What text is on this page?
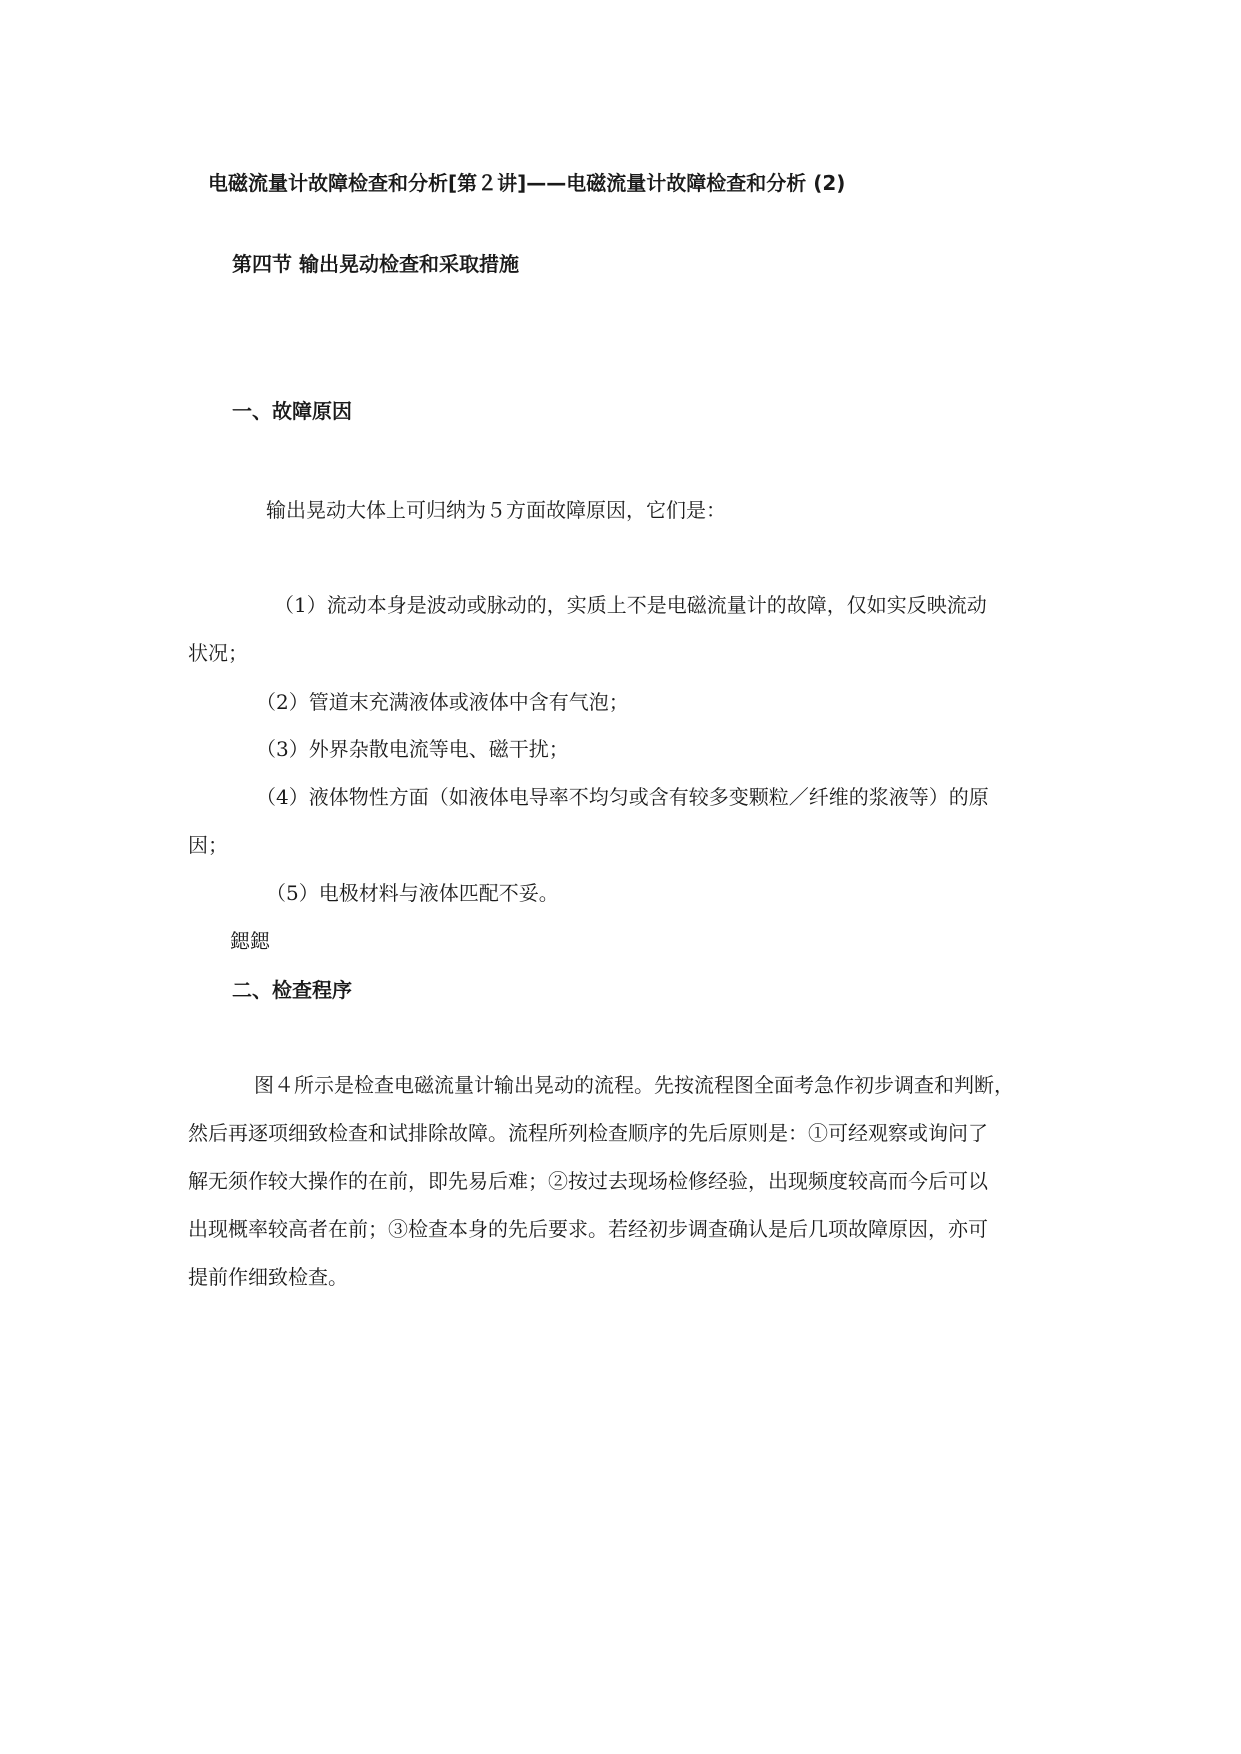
电磁流量计故障检查和分析[第２讲]——电磁流量计故障检查和分析 (2)
第四节 输出晃动检查和采取措施
一、故障原因
输出晃动大体上可归纳为５方面故障原因，它们是：
（1）流动本身是波动或脉动的，实质上不是电磁流量计的故障，仅如实反映流动
状况；
（2）管道末充满液体或液体中含有气泡；
（3）外界杂散电流等电、磁干扰；
（4）液体物性方面（如液体电导率不均匀或含有较多变颗粒／纤维的浆液等）的原
因；
（5）电极材料与液体匹配不妥。
鍶鍶
二、检查程序
图４所示是检查电磁流量计输出晃动的流程。先按流程图全面考急作初步调查和判断，
然后再逐项细致检查和试排除故障。流程所列检查顺序的先后原则是：①可经观察或询问了
解无须作较大操作的在前，即先易后难；②按过去现场检修经验，出现频度较高而今后可以
出现概率较高者在前；③检查本身的先后要求。若经初步调查确认是后几项故障原因，亦可
提前作细致检查。
